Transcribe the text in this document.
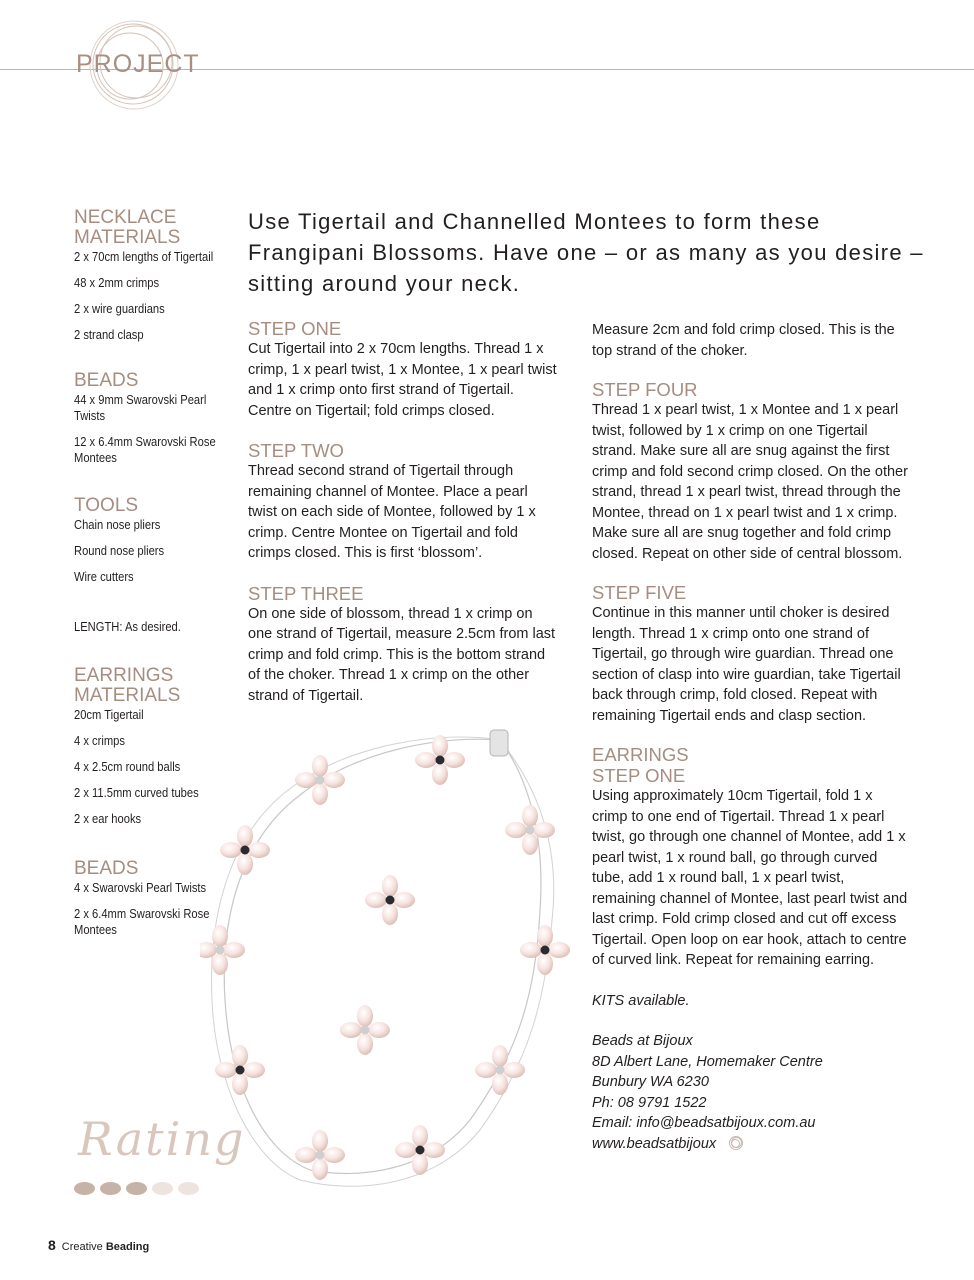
PROJECT
NECKLACE MATERIALS
2 x 70cm lengths of Tigertail
48 x 2mm crimps
2 x wire guardians
2 strand clasp
BEADS
44 x 9mm Swarovski Pearl Twists
12 x 6.4mm Swarovski Rose Montees
TOOLS
Chain nose pliers
Round nose pliers
Wire cutters
LENGTH: As desired.
EARRINGS MATERIALS
20cm Tigertail
4 x crimps
4 x 2.5cm round balls
2 x 11.5mm curved tubes
2 x ear hooks
BEADS
4 x Swarovski Pearl Twists
2 x 6.4mm Swarovski Rose Montees
Use Tigertail and Channelled Montees to form these Frangipani Blossoms. Have one – or as many as you desire – sitting around your neck.
STEP ONE
Cut Tigertail into 2 x 70cm lengths. Thread 1 x crimp, 1 x pearl twist, 1 x Montee, 1 x pearl twist and 1 x crimp onto first strand of Tigertail. Centre on Tigertail; fold crimps closed.
STEP TWO
Thread second strand of Tigertail through remaining channel of Montee. Place a pearl twist on each side of Montee, followed by 1 x crimp. Centre Montee on Tigertail and fold crimps closed. This is first ‘blossom’.
STEP THREE
On one side of blossom, thread 1 x crimp on one strand of Tigertail, measure 2.5cm from last crimp and fold crimp. This is the bottom strand of the choker. Thread 1 x crimp on the other strand of Tigertail.
Measure 2cm and fold crimp closed. This is the top strand of the choker.
STEP FOUR
Thread 1 x pearl twist, 1 x Montee and 1 x pearl twist, followed by 1 x crimp on one Tigertail strand. Make sure all are snug against the first crimp and fold second crimp closed. On the other strand, thread 1 x pearl twist, thread through the Montee, thread on 1 x pearl twist and 1 x crimp. Make sure all are snug together and fold crimp closed. Repeat on other side of central blossom.
STEP FIVE
Continue in this manner until choker is desired length. Thread 1 x crimp onto one strand of Tigertail, go through wire guardian. Thread one section of clasp into wire guardian, take Tigertail back through crimp, fold closed. Repeat with remaining Tigertail ends and clasp section.
EARRINGS
STEP ONE
Using approximately 10cm Tigertail, fold 1 x crimp to one end of Tigertail. Thread 1 x pearl twist, go through one channel of Montee, add 1 x pearl twist, 1 x round ball, go through curved tube, add 1 x round ball, 1 x pearl twist, remaining channel of Montee, last pearl twist and last crimp. Fold crimp closed and cut off excess Tigertail. Open loop on ear hook, attach to centre of curved link. Repeat for remaining earring.
KITS available.
Beads at Bijoux
8D Albert Lane, Homemaker Centre
Bunbury WA 6230
Ph: 08 9791 1522
Email: info@beadsatbijoux.com.au
www.beadsatbijoux
Rating
8 Creative Beading
